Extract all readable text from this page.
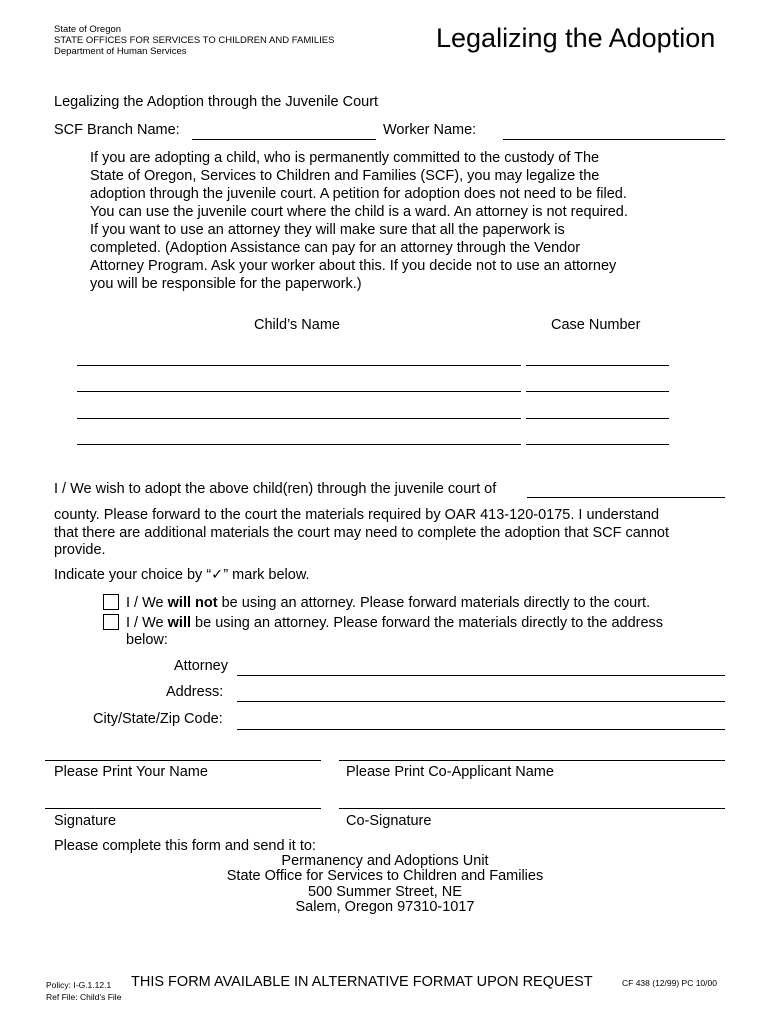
State of Oregon
STATE OFFICES FOR SERVICES TO CHILDREN AND FAMILIES
Department of Human Services	Legalizing the Adoption
Legalizing the Adoption through the Juvenile Court
SCF Branch Name:	Worker Name:
If you are adopting a child, who is permanently committed to the custody of The
State of Oregon, Services to Children and Families (SCF), you may legalize the
adoption through the juvenile court. A petition for adoption does not need to be filed.
You can use the juvenile court where the child is a ward. An attorney is not required.
If you want to use an attorney they will make sure that all the paperwork is
completed. (Adoption Assistance can pay for an attorney through the Vendor
Attorney Program. Ask your worker about this. If you decide not to use an attorney
you will be responsible for the paperwork.)
Child’s Name	Case Number
I / We wish to adopt the above child(ren) through the juvenile court of
county. Please forward to the court the materials required by OAR 413-120-0175. I understand
that there are additional materials the court may need to complete the adoption that SCF cannot
provide.
Indicate your choice by “✓” mark below.
I / We will not be using an attorney. Please forward materials directly to the court.
I / We will be using an attorney. Please forward the materials directly to the address
below:
Attorney
Address:
City/State/Zip Code:
Please Print Your Name	Please Print Co-Applicant Name
Signature	Co-Signature
Please complete this form and send it to:
Permanency and Adoptions Unit
State Office for Services to Children and Families
500 Summer Street, NE
Salem, Oregon 97310-1017
Policy: I-G.1.12.1
Ref File: Child’s File
THIS FORM AVAILABLE IN ALTERNATIVE FORMAT UPON REQUEST	CF 438 (12/99) PC 10/00
